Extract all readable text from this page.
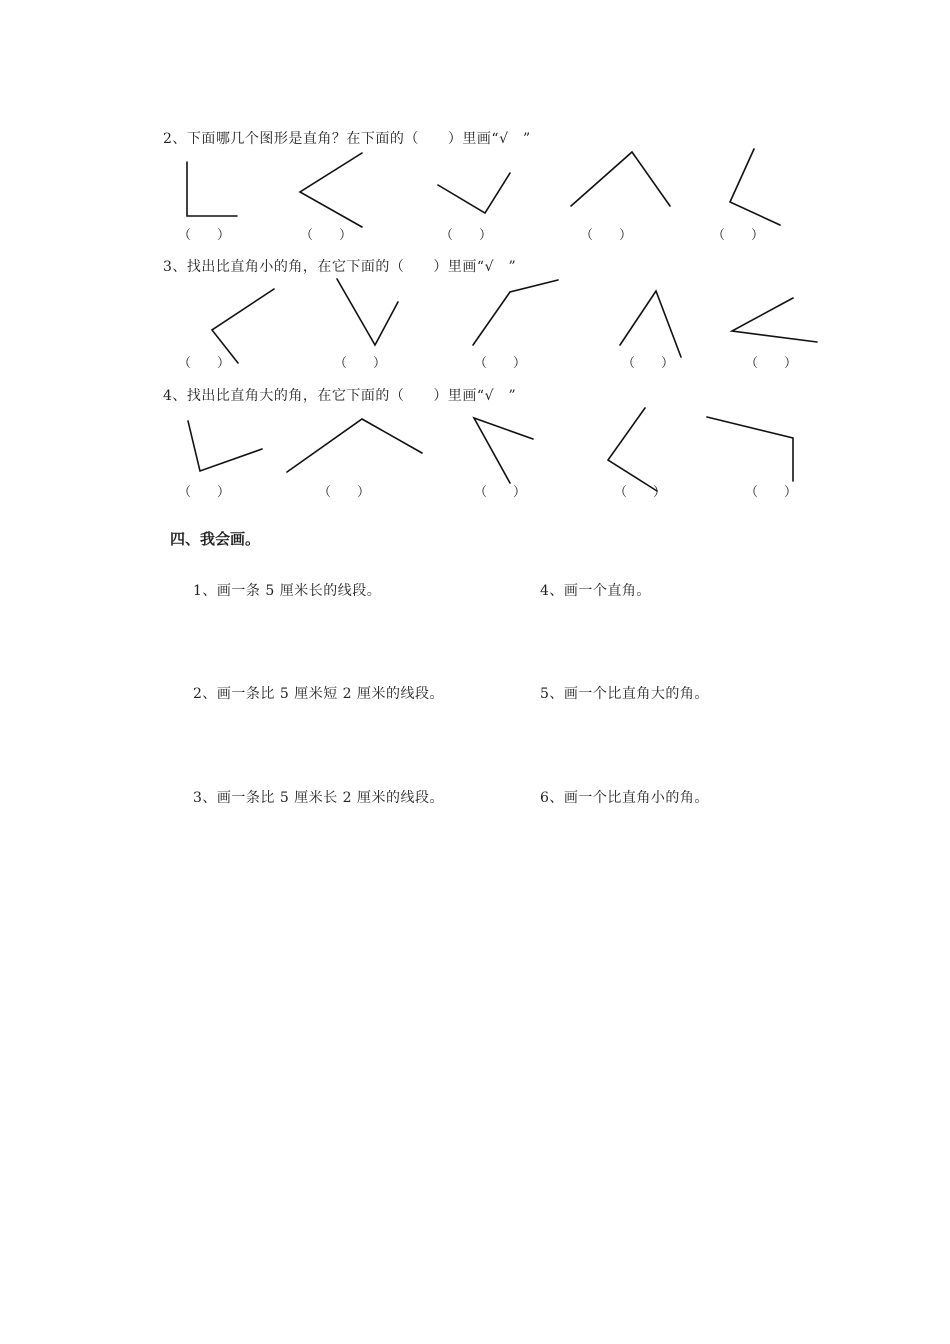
2、下面哪几个图形是直角？在下面的（　　）里画“√　”
（　　）	（　　）	（　　）	（　　）	（　　）
3、找出比直角小的角，在它下面的（　　）里画“√　”
（　　）	（　　）	（　　）	（　　）	（　　）
4、找出比直角大的角，在它下面的（　　）里画“√　”
（　　）	（　　）	（　　）	（　　）	（　　）
四、我会画。
1、画一条 5 厘米长的线段。	4、画一个直角。
2、画一条比 5 厘米短 2 厘米的线段。	5、画一个比直角大的角。
3、画一条比 5 厘米长 2 厘米的线段。	6、画一个比直角小的角。
